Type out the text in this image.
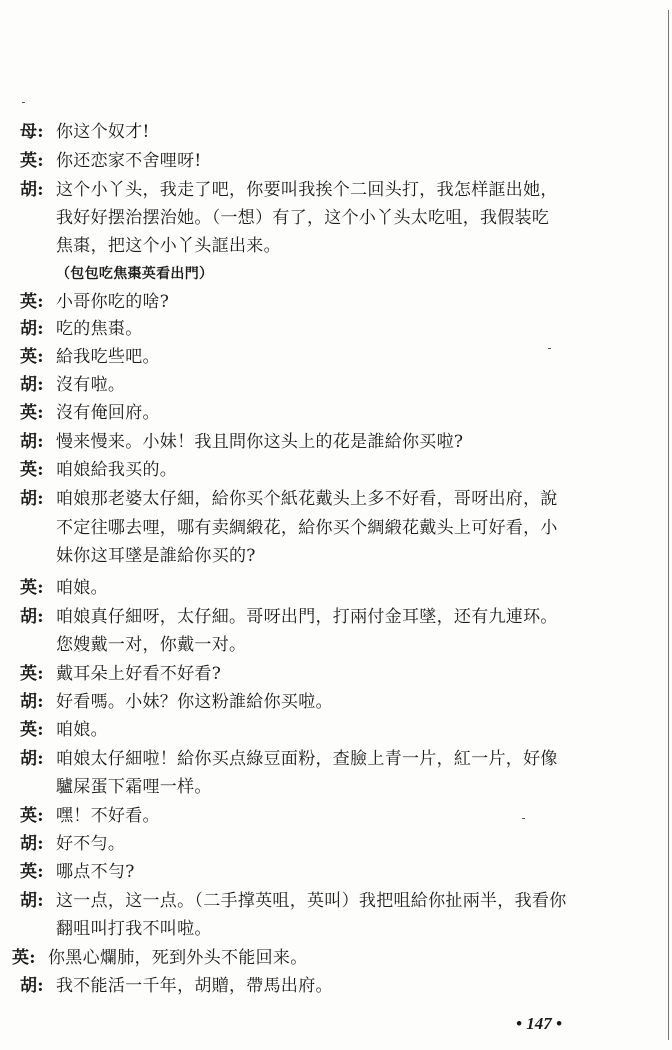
母: 你这个奴才!
英: 你还恋家不舍哩呀!
胡: 这个小丫头，我走了吧，你要叫我挨个二回头打，我怎样誆出她，
我好好摆治摆治她。（一想）有了，这个小丫头太吃咀，我假装吃
焦棗，把这个小丫头誆出来。
（包包吃焦棗英看出門）
英: 小哥你吃的啥?
胡: 吃的焦棗。
英: 給我吃些吧。
胡: 沒有啦。
英: 沒有俺回府。
胡: 慢来慢来。小妹！我且問你这头上的花是誰給你买啦?
英: 咱娘給我买的。
胡: 咱娘那老婆太仔細，給你买个紙花戴头上多不好看，哥呀出府，說
不定往哪去哩，哪有卖綢緞花，給你买个綢緞花戴头上可好看，小
妹你这耳墜是誰給你买的?
英: 咱娘。
胡: 咱娘真仔細呀，太仔細。哥呀出門，打兩付金耳墜，还有九連环。
您嫂戴一对，你戴一对。
英: 戴耳朵上好看不好看?
胡: 好看嗎。小妹？你这粉誰給你买啦。
英: 咱娘。
胡: 咱娘太仔細啦！給你买点綠豆面粉，查臉上青一片，紅一片，好像
驢屎蛋下霜哩一样。
英: 嘿！不好看。
胡: 好不勻。
英: 哪点不勻?
胡: 这一点，这一点。（二手撑英咀，英叫）我把咀給你扯兩半，我看你
翻咀叫打我不叫啦。
英: 你黑心爛肺，死到外头不能回来。
胡: 我不能活一千年，胡贈，帶馬出府。
• 147 •
